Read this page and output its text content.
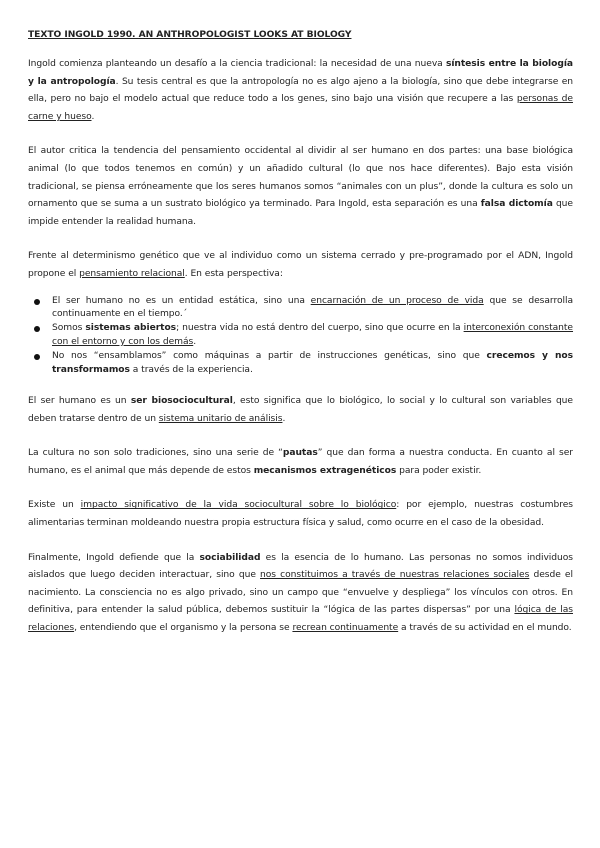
TEXTO INGOLD 1990. AN ANTHROPOLOGIST LOOKS AT BIOLOGY

Ingold comienza planteando un desafío a la ciencia tradicional: la necesidad de una nueva síntesis entre la biología y la antropología. Su tesis central es que la antropología no es algo ajeno a la biología, sino que debe integrarse en ella, pero no bajo el modelo actual que reduce todo a los genes, sino bajo una visión que recupere a las personas de carne y hueso.

El autor critica la tendencia del pensamiento occidental al dividir al ser humano en dos partes: una base biológica animal (lo que todos tenemos en común) y un añadido cultural (lo que nos hace diferentes). Bajo esta visión tradicional, se piensa erróneamente que los seres humanos somos “animales con un plus”, donde la cultura es solo un ornamento que se suma a un sustrato biológico ya terminado. Para Ingold, esta separación es una falsa dictomía que impide entender la realidad humana.

Frente al determinismo genético que ve al individuo como un sistema cerrado y pre-programado por el ADN, Ingold propone el pensamiento relacional. En esta perspectiva:

El ser humano no es un entidad estática, sino una encarnación de un proceso de vida que se desarrolla continuamente en el tiempo.´
Somos sistemas abiertos; nuestra vida no está dentro del cuerpo, sino que ocurre en la interconexión constante con el entorno y con los demás.
No nos “ensamblamos” como máquinas a partir de instrucciones genéticas, sino que crecemos y nos transformamos a través de la experiencia.

El ser humano es un ser biosociocultural, esto significa que lo biológico, lo social y lo cultural son variables que deben tratarse dentro de un sistema unitario de análisis.

La cultura no son solo tradiciones, sino una serie de “pautas” que dan forma a nuestra conducta. En cuanto al ser humano, es el animal que más depende de estos mecanismos extragenéticos para poder existir.

Existe un impacto significativo de la vida sociocultural sobre lo biológico: por ejemplo, nuestras costumbres alimentarias terminan moldeando nuestra propia estructura física y salud, como ocurre en el caso de la obesidad.

Finalmente, Ingold defiende que la sociabilidad es la esencia de lo humano. Las personas no somos individuos aislados que luego deciden interactuar, sino que nos constituimos a través de nuestras relaciones sociales desde el nacimiento. La consciencia no es algo privado, sino un campo que “envuelve y despliega” los vínculos con otros. En definitiva, para entender la salud pública, debemos sustituir la “lógica de las partes dispersas” por una lógica de las relaciones, entendiendo que el organismo y la persona se recrean continuamente a través de su actividad en el mundo.
